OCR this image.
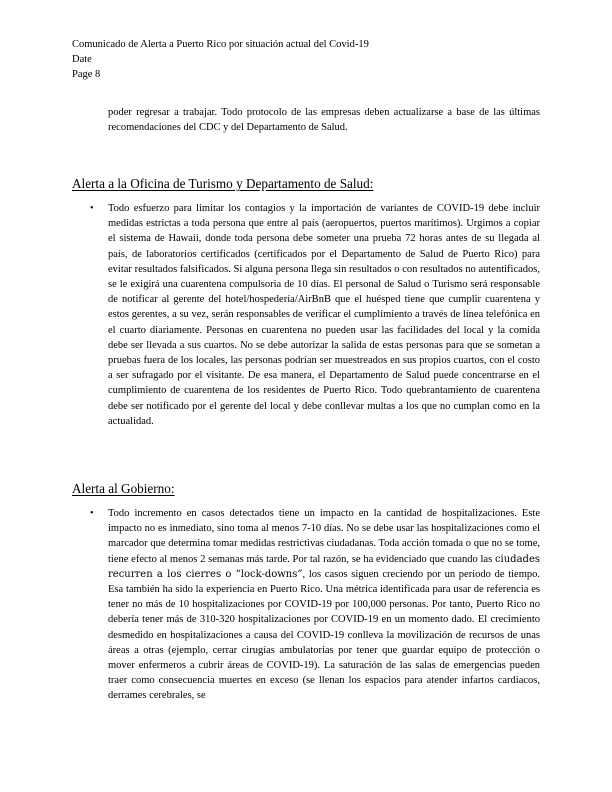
Comunicado de Alerta a Puerto Rico por situación actual del Covid-19
Date
Page 8
poder regresar a trabajar. Todo protocolo de las empresas deben actualizarse a base de las últimas recomendaciones del CDC y del Departamento de Salud.
Alerta a la Oficina de Turismo y Departamento de Salud:
• Todo esfuerzo para limitar los contagios y la importación de variantes de COVID-19 debe incluir medidas estrictas a toda persona que entre al país (aeropuertos, puertos marítimos). Urgimos a copiar el sistema de Hawaii, donde toda persona debe someter una prueba 72 horas antes de su llegada al país, de laboratorios certificados (certificados por el Departamento de Salud de Puerto Rico) para evitar resultados falsificados. Si alguna persona llega sin resultados o con resultados no autentificados, se le exigirá una cuarentena compulsoria de 10 días. El personal de Salud o Turismo será responsable de notificar al gerente del hotel/hospedería/AirBnB que el huésped tiene que cumplir cuarentena y estos gerentes, a su vez, serán responsables de verificar el cumplimiento a través de línea telefónica en el cuarto diariamente. Personas en cuarentena no pueden usar las facilidades del local y la comida debe ser llevada a sus cuartos. No se debe autorizar la salida de estas personas para que se sometan a pruebas fuera de los locales, las personas podrían ser muestreados en sus propios cuartos, con el costo a ser sufragado por el visitante. De esa manera, el Departamento de Salud puede concentrarse en el cumplimiento de cuarentena de los residentes de Puerto Rico. Todo quebrantamiento de cuarentena debe ser notificado por el gerente del local y debe conllevar multas a los que no cumplan como en la actualidad.
Alerta al Gobierno:
• Todo incremento en casos detectados tiene un impacto en la cantidad de hospitalizaciones. Este impacto no es inmediato, sino toma al menos 7-10 días. No se debe usar las hospitalizaciones como el marcador que determina tomar medidas restrictivas ciudadanas. Toda acción tomada o que no se tome, tiene efecto al menos 2 semanas más tarde. Por tal razón, se ha evidenciado que cuando las ciudades recurren a los cierres o “lock-downs”, los casos siguen creciendo por un periodo de tiempo. Esa también ha sido la experiencia en Puerto Rico. Una métrica identificada para usar de referencia es tener no más de 10 hospitalizaciones por COVID-19 por 100,000 personas. Por tanto, Puerto Rico no debería tener más de 310-320 hospitalizaciones por COVID-19 en un momento dado. El crecimiento desmedido en hospitalizaciones a causa del COVID-19 conlleva la movilización de recursos de unas áreas a otras (ejemplo, cerrar cirugías ambulatorias por tener que guardar equipo de protección o mover enfermeros a cubrir áreas de COVID-19). La saturación de las salas de emergencias pueden traer como consecuencia muertes en exceso (se llenan los espacios para atender infartos cardiacos, derrames cerebrales, se
